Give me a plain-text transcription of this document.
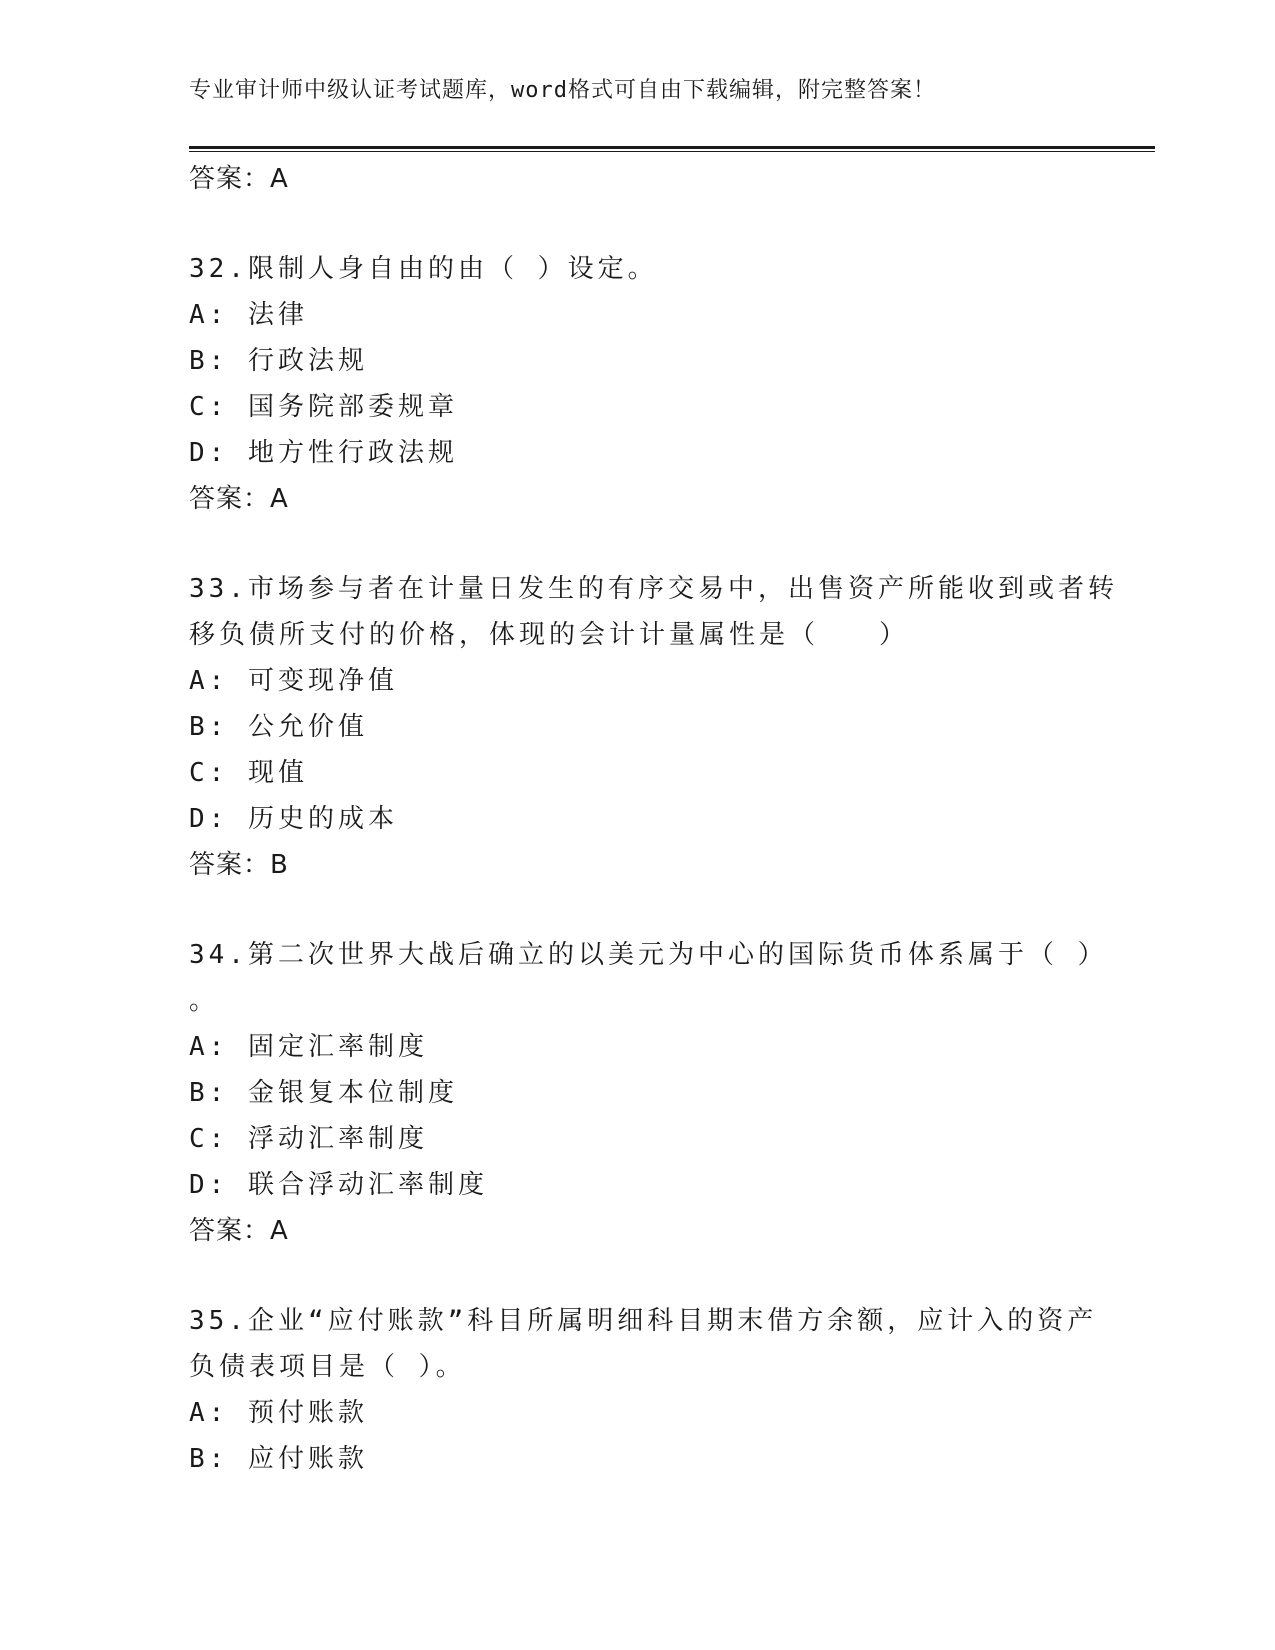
专业审计师中级认证考试题库，word格式可自由下载编辑，附完整答案！
答案：A
32.限制人身自由的由（ ）设定。
A: 法律
B: 行政法规
C: 国务院部委规章
D: 地方性行政法规
答案：A
33.市场参与者在计量日发生的有序交易中，出售资产所能收到或者转
移负债所支付的价格，体现的会计计量属性是（　　）
A: 可变现净值
B: 公允价值
C: 现值
D: 历史的成本
答案：B
34.第二次世界大战后确立的以美元为中心的国际货币体系属于（ ）
。
A: 固定汇率制度
B: 金银复本位制度
C: 浮动汇率制度
D: 联合浮动汇率制度
答案：A
35.企业“应付账款”科目所属明细科目期末借方余额，应计入的资产
负债表项目是（ ）。
A: 预付账款
B: 应付账款
